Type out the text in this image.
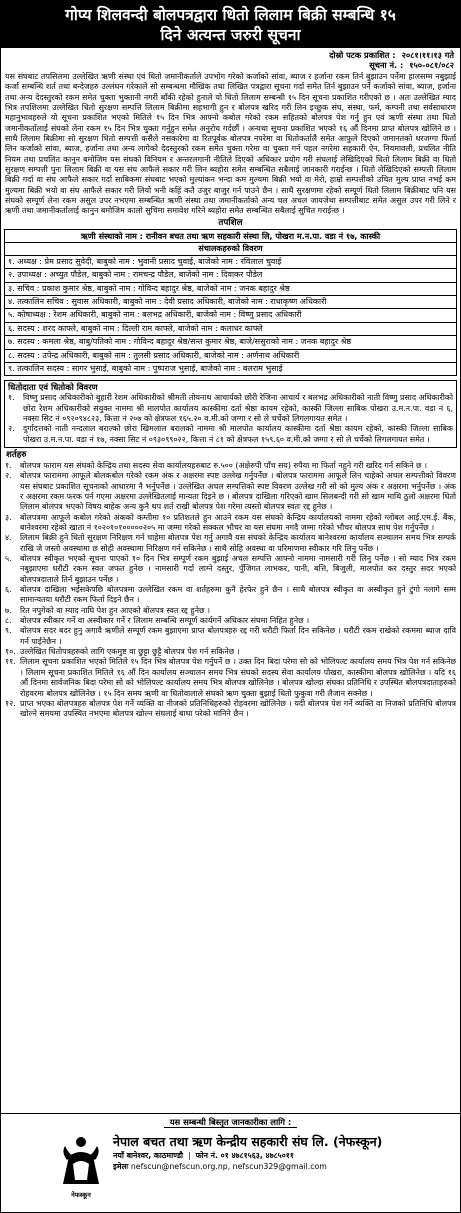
गोप्य शिलवन्दी बोलपत्रद्वारा धितो लिलाम बिक्री सम्बन्धि १५
दिने अत्यन्त जरुरी सूचना
दोस्रो पटक प्रकाशित : २०८१।११।१३ गते
सूचना नं. : १५०-०८१/०८२
यस संघबाट तपसिलमा उल्लेखित ऋणी संस्था एवं धितो जमानीकर्ताले उपभोग गरेको कर्जाको सांवा, ब्याज र हर्जाना रकम तिर्न बुझाउन पर्नेमा हालसम्म नबुझाई कर्जा सम्बन्धि शर्त तथा बन्देजहरु उल्लंघन गरेकाले सो सम्बन्धमा मौखिक तथा लिखित पत्रद्वारा सूचना गर्दा समेत तिर्न बुझाउन पर्ने कर्जाको सांवा, ब्याज, हर्जाना तथा अन्य देदस्तुरको रकम समेत चुक्ता भुक्तानी नगरी बाँकी रहेको हुनाले यो धितो लिलाम सम्बन्धी १५ दिन सूचना प्रकाशित गरीएको छ । अतः उल्लेखित म्याद भित्र तपशिलमा उल्लेखित धितो सुरक्षण सम्पत्ति लिलाम बिक्रीमा सहभागी हुन र बोलपत्र खरिद गरी लिन इच्छुक संघ, संस्था, फर्म, कम्पनी तथा सर्वसाधारण महानुभावहरुले यो सूचना प्रकाशित भएको मितिले १५ दिन भित्र आफ्नो कबोल गरेको रकम सहितको बोलपत्र पेश गर्नु हुन एवं ऋणी संस्था तथा धितो जमानीकर्तालाई संघको लेना रकम १५ दिन भित्र चुक्ता गर्नुहुन समेत अनुरोध गर्दछौं । अन्यथा सूचना प्रकाशित भएको १६ औं दिनमा प्राप्त बोलपत्र खोलिने छ । साथै लिलाम बिक्रीमा सो सुरक्षण धितो सम्पत्ती कसैले नसकारेमा वा रितपूर्वक बोलपत्र नपरेमा वा धितोकर्तालेै समेत आफुले दिएको जमानतको धरजग्गा फिर्ता लिन कर्जाको सांवा, ब्याज, हर्जाना तथा अन्य लागेको देदस्तुरको रकम समेत चुक्ता गरेमा वा चुक्ता गर्न पहल नगरेमा सहकारी ऐन, नियमावली, प्रचलित नीति नियम तथा प्रचलित कानुन बमोजिम यस संघको विनियम र अन्तरलगानी नीतिले दिएको अधिकार प्रयोग गरी संघलाई लेखिदिएको धितो लिलाम बिक्री वा धितो सुरक्षण सम्पत्ती पुनः लिलाम बिक्री वा यस संघ आफैले सकार गरी लिन ब्यहोरा समेत सम्बन्धित सबैलाई जानकारी गराईन्छ । धितो लेखिदिएको सम्पत्ती लिलाम बिक्री गर्दा वा संघ आफैले सकार गर्दा साबिकमा संघबाट भएको मुल्यांकन भन्दा कम मुल्यमा बिक्री भयो वा मेरो, हाम्रो सम्पत्तीको उचित मुल्य प्राप्त नभई कम मुल्यमा बिक्री भयो वा संघ आफैले सकार गरी लियो भनी कहिं कतै उजुर बाजुर गर्न पाउने छैन । साथै सुरक्षणमा रहेको सम्पूर्ण धितो लिलाम बिक्रीबाट पनि यस संघको सम्पूर्ण लेना रकम असुल उपर नभएमा सम्बन्धित ऋणी संस्था तथा जमानीकर्ताको अन्य चल अचल जायजेथा सम्पत्तीबाट समेत असुल उपर गरी लिने र ऋणी तथा जमानीकर्तालाई कानुन बमोजिम कालो सुचिमा समावेश गरिने ब्यहोरा समेत सम्बन्धित सबैलाई सुचित गराईन्छ ।
तपशिल
ऋणी संस्थाको नाम : रानीवन बचत तथा ऋण सहकारी संस्था लि, पोखरा म.न.पा. वडा नं १७, कास्की
संचालकहरुको विवरण
१. अध्यक्ष : प्रेम प्रसाद सुवेदी, बाबुको नाम : भुवानी प्रसाद चुवाई, बाजेको नाम : रविलाल चुवाई
२. उपाध्यक्ष : अच्युत पौडेल, बाबुको नाम : रामचन्द्र पौडेल, बाजेको नाम : दिवाकर पौडेल
३. सचिव : प्रकाश कुमार श्रेष्ठ, बाबुको नाम : गोविन्द बहादुर श्रेष्ठ, बाजेको नाम : जनक बहादुर श्रेष्ठ
४. तत्कालिन सचिव : सुवास अधिकारी, बाबुको नाम : देवी प्रसाद अधिकारी, बाजेको नाम : राधाकृष्ण अधिकारी
५. कोषाध्यक्ष : रेशम अधिकारी, बाबुको नाम : बलभद्र अधिकारी, बाजेको नाम : विष्णु प्रसाद अधिकारी
६. सदस्य : शरद काफ्ले, बाबुको नाम : दिल्ली राम काफ्ले, बाजेको नाम : कलाधर काफ्ले
७. सदस्य : कमला श्रेष्ठ, बाबु/पतिको नाम : गोविन्द बहादुर श्रेष्ठ/सन्त कुमार श्रेष्ठ, बाजे/ससुराको नाम : जनक बहादुर श्रेष्ठ
८. सदस्य : उपेन्द्र अधिकारी, बाबुको नाम : तुलसी प्रसाद अधिकारी, बाजेको नाम : अर्णनाथ अधिकारी
९. तत्कालिन सदस्य : सागर भुसाई, बाबुको नाम : पुष्पराज भुसाई, बाजेको नाम : बलराम भुसाई
धितोदाता एवं धितोको विवरण
१.	विष्णु प्रसाद अधिकारीको बुहारी रेशम अधिकारीको श्रीमती तोयनाथ आचार्यको छोरी रेजिना आचार्य र बलभद्र अधिकारीको नाती विष्णु प्रसाद अधिकारीको छोरा रेशम अधिकारीको संयुक्त नाममा श्री मालपोत कार्यालय कास्कीमा दर्ता श्रेष्ठा कायम रहेको, कास्की जिल्ला साबिक पोखरा उ.म.न.पा. वडा नं ६, नक्सा सिट नं ०९२०९४८२३, कित्ता नं २०७ को क्षेत्रफल १६५.२० व.मी.को जग्गा र सो ले चर्चेको लिगलगायत समेत ।
२.	दुर्गादत्तको नाती नन्दलाल बराल्को छोरा खिमलाल बरालको नाममा श्री मालपोत कार्यालय कास्कीमा दर्ता श्रेष्ठा कायम रहेको, कास्की जिल्ला साबिक पोखरा उ.म.न.पा. वडा नं १७, नक्सा सिट नं ०९३०९९०२२, कित्ता नं ८१ को क्षेत्रफल १५९.६० व.मी.को जग्गा र सो ले चर्चेको लिगलगायत समेत ।
शर्तहरु
१.	बोलपत्र फाराम यस संघको केन्द्रिय तथा सदस्य सेवा कार्यालयहरुबाट रु.५०० (अक्षेरुपी पाँच सय) रुपैया मा फिर्ता नहुने गरी खरिद गर्न सकिने छ ।
२.	बोलपत्र फाराममा आफूले बोलकबोल गरेको रकम अंक र अक्षरमा स्पष्ट उल्लेख गर्नुपर्नेछ । बोलपत्र फाराममा आफूले लिन चाहेको अचल सम्पत्तीको विवरण यस संघबाट प्रकाशित सूचनाको आधारमा नै भर्नुपर्नेछ । उल्लेखित अचल सम्पत्तिको स्पष्ट विवरण उल्लेख गरी सो को मुल्य अंक र अक्षरमा भर्नुपर्नेछ । अंक र अक्षरमा रकम फरक पर्न गएमा अक्षरमा उल्लेखितलाई मान्यता दिइने छ । बोलपत्र दाखिला गरिएको खाम सिलबन्दी गरी सो खाम माथि ठुलो अक्षरमा धितो लिलाम बोलपत्र भएको विषय बाहेक अन्य कुनै थप शर्त राखी बोलपत्र पेश गरेमा त्यस्तो बोलपत्र स्वतः रद्द हुनेछ ।
३.	बोलपत्रमा आफूले कबोल गरेको अंकको कम्तीमा १० प्रतिशतले हुन आउने रकम यस संघको केन्द्रिय कार्यालयको नाममा रहेको ग्लोबल आई.एम.ई. बैंक, बानेश्वरमा रहेको खाता नं १०२०१०१०००००२०५ मा जम्मा गरेको सक्कल भौचर वा यस संघमा नगदै जम्मा गरेको भौचर बोलपत्र साथ पेश गर्नुपर्नेछ ।
४.	लिलाम बिक्री हुने धितो सुरक्षण निरिक्षण गर्न चाहेमा बोलपत्र पेश गर्नु अगावै यस संघको केन्द्रिय कार्यालय बानेश्वरमा कार्यालय सञ्चालन समय भित्र सम्पर्क राखि जे जस्तो अवस्थामा छ सोही अवस्थामा निरिक्षण गर्न सकिनेछ । साथै सोहि अवस्था वा परिमाणमा स्वीकार गरि लिनु पर्नेछ ।
५.	बोलपत्र स्वीकृत भएको सूचना पाएको १० दिन भित्र सम्पूर्ण रकम बुझाई अचल सम्पत्ति आफ्नो नाममा नामसारी गरी लिनु पर्नेछ । सो म्याद भित्र रकम नबुझाएमा धरौटी रकम स्वत जफत हुनेछ । नामसारी गर्दा लाग्ने दस्तुर, पुँजिगत लाभकर, पानी, बत्ति, बिजुली, मालपोत कर दस्तुर सदर भएको बोलपत्रदाताले तिर्न बुझाउन पर्नेछ ।
६.	बोलपत्र दाखिला भईसकेपछि बोलपत्रमा उल्लेखित रकम वा शर्तहरुमा कुनै हेरफेर हुने छैन । साथै बोलपत्र स्वीकृत वा अस्वीकृत हुने टुंगो नलागे सम्म सामान्यतया धरौटी रकम फिर्ता दिइने छैन ।
७.	रित नपुगेको वा म्याद नाघि पेश हुन आएको बोलपत्र स्वत रद्द हुनेछ ।
८.	बोलपत्र स्वीकार गर्ने वा अस्वीकार गर्ने र लिलाम सम्बन्धि सम्पूर्ण कार्यगर्ने अधिकार संघमा निहित हुनेछ ।
९.	बोलपत्र सदर बदर हुनु अगावै ऋणीले सम्पूर्ण रकम बुझाएमा प्राप्त बोलपत्रहरु रद्द गरी धरौटी फिर्ता दिन सकिनेछ । धरौटी रकम राखेको रकममा ब्याज दावि गर्न पाईनेछैन ।
१०. उल्लेखित धितोपत्रहरुको लागि एकमुष्ट वा छुट्टा छुट्टै बोलपत्र पेश गर्न सकिनेछ ।
११. लिलाम सूचना प्रकाशित भएको मितिले १५ दिन भित्र बोलपत्र पेश गर्नुपर्ने छ । उक्त दिन बिदा परेमा सो को भोलिपल्ट कार्यालय समय भित्र पेश गर्न सकिनेछ । लिलाम सूचना प्रकाशित मितिले १६ औं दिन कार्यालय सञ्चालन समय भित्र संघको सदस्य सेवा कार्यालय पोखरा, कास्कीमा बोलपत्र खोलिनेछ । यदि १६ औं दिनमा सार्वजनिक बिदा परेमा सो को भोलिपल्ट कार्यालय समय भित्र बोलपत्र खोलिनेछ । बोलपत्र खोल्दा संघका प्रतिनिधि र उपस्थित बोलपत्रदाताहरुको रोहवरमा बोलपत्र खोलिनेछ । १५ दिन समय ऋणी वा धितोवालाले संघको ऋण चुक्ता बुझाई धितो फुकुवा गरी लैजान सक्नेछ ।
१२. प्राप्त भएका बोलपत्रहरु बोलपत्र पेश गर्ने व्यक्ति वा नीजको प्रतिनिधिहरुको रोहवरमा खोलिनेछ । यदी बोलपत्र पेश गर्ने व्यक्ति वा निजको प्रतिनिधि बोलपत्र खोल्ने समयमा उपस्थित नभएमा बोलपत्र खोल्न संघलाई बाधा परेको मानिने छैन ।
यस सम्बन्धी बिस्तृत जानकारीका लागि :
नेफस्कून
नेपाल बचत तथा ऋण केन्द्रीय सहकारी संघ लि. (नेफस्कून)
नयाँ बानेश्वर, काठमाण्डौ  |  फोन नं. ०१ ४७८१५६३, ४७८५०११
इमेलः nefscun@nefscun.org.np, nefscun329@gmail.com
